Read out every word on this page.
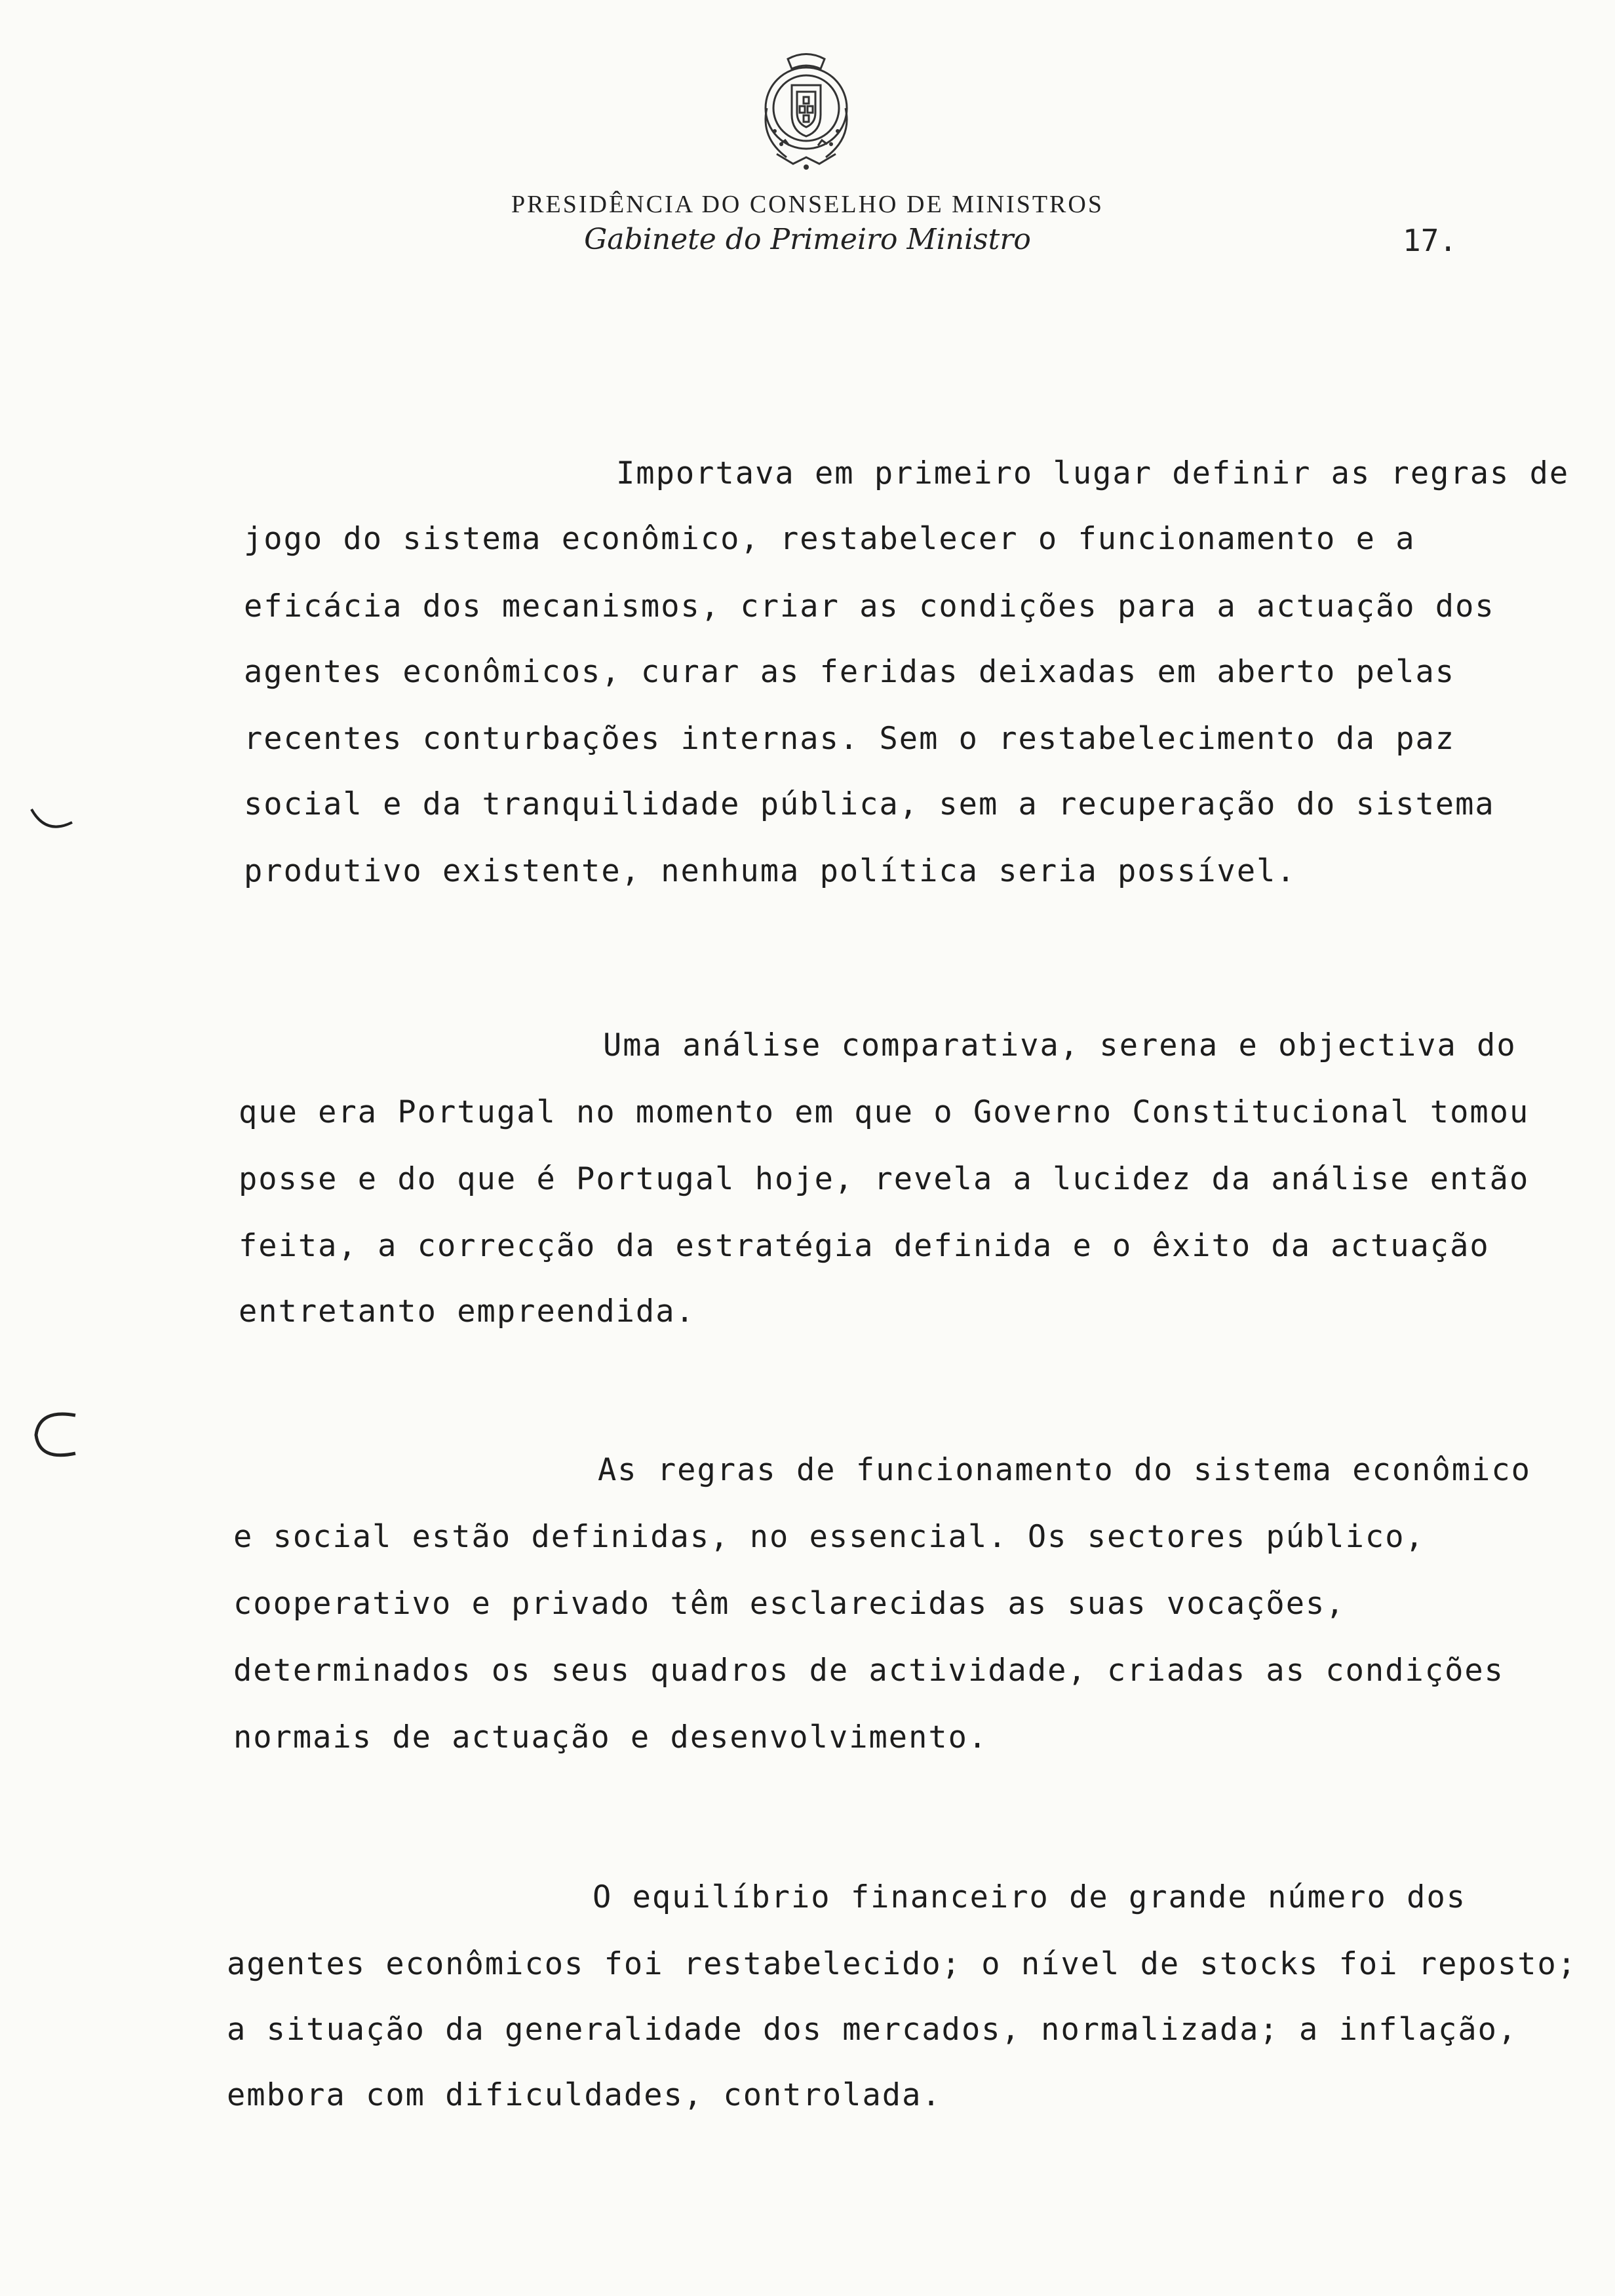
PRESIDÊNCIA DO CONSELHO DE MINISTROS
Gabinete do Primeiro Ministro	17.

Importava em primeiro lugar definir as regras de

jogo do sistema econômico, restabelecer o funcionamento e a

eficácia dos mecanismos, criar as condições para a actuação dos

agentes econômicos, curar as feridas deixadas em aberto pelas

recentes conturbações internas. Sem o restabelecimento da paz

social e da tranquilidade pública, sem a recuperação do sistema

produtivo existente, nenhuma política seria possível.

Uma análise comparativa, serena e objectiva do

que era Portugal no momento em que o Governo Constitucional tomou

posse e do que é Portugal hoje, revela a lucidez da análise então

feita, a correcção da estratégia definida e o êxito da actuação

entretanto empreendida.

As regras de funcionamento do sistema econômico

e social estão definidas, no essencial. Os sectores público,

cooperativo e privado têm esclarecidas as suas vocações,

determinados os seus quadros de actividade, criadas as condições

normais de actuação e desenvolvimento.

O equilíbrio financeiro de grande número dos

agentes econômicos foi restabelecido; o nível de stocks foi reposto;

a situação da generalidade dos mercados, normalizada; a inflação,

embora com dificuldades, controlada.
